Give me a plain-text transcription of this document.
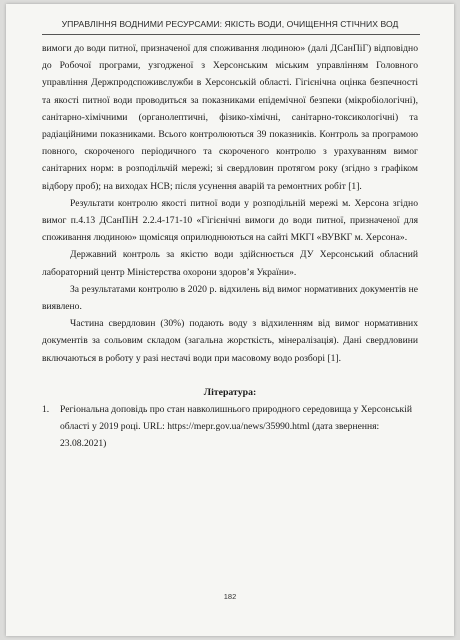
УПРАВЛІННЯ ВОДНИМИ РЕСУРСАМИ: ЯКІСТЬ ВОДИ, ОЧИЩЕННЯ СТІЧНИХ ВОД

вимоги до води питної, призначеної для споживання людиною» (далі ДСанПіГ) відповідно до Робочої програми, узгодженої з Херсонським міським управлінням Головного управління Держпродспоживслужби в Херсонській області. Гігієнічна оцінка безпечності та якості питної води проводиться за показниками епідемічної безпеки (мікробіологічні), санітарно-хімічними (органолептичні, фізико-хімічні, санітарно-токсикологічні) та радіаційними показниками. Всього контролюються 39 показників. Контроль за програмою повного, скороченого періодичного та скороченого контролю з урахуванням вимог санітарних норм: в розподільчій мережі; зі свердловин протягом року (згідно з графіком відбору проб); на виходах НСВ; після усунення аварій та ремонтних робіт [1].

Результати контролю якості питної води у розподільній мережі м. Херсона згідно вимог п.4.13 ДСанПіН 2.2.4-171-10 «Гігієнічні вимоги до води питної, призначеної для споживання людиною» щомісяця оприлюднюються на сайті МКГІ «ВУВКГ м. Херсона».

Державний контроль за якістю води здійснюється ДУ Херсонський обласний лабораторний центр Міністерства охорони здоров’я України».

За результатами контролю в 2020 р. відхилень від вимог нормативних документів не виявлено.

Частина свердловин (30%) подають воду з відхиленням від вимог нормативних документів за сольовим складом (загальна жорсткість, мінералізація). Дані свердловини включаються в роботу у разі нестачі води при масовому водо розборі [1].

Література:
1.	Регіональна доповідь про стан навколишнього природного середовища у Херсонській області у 2019 році. URL: https://mepr.gov.ua/news/35990.html (дата звернення: 23.08.2021)
182
